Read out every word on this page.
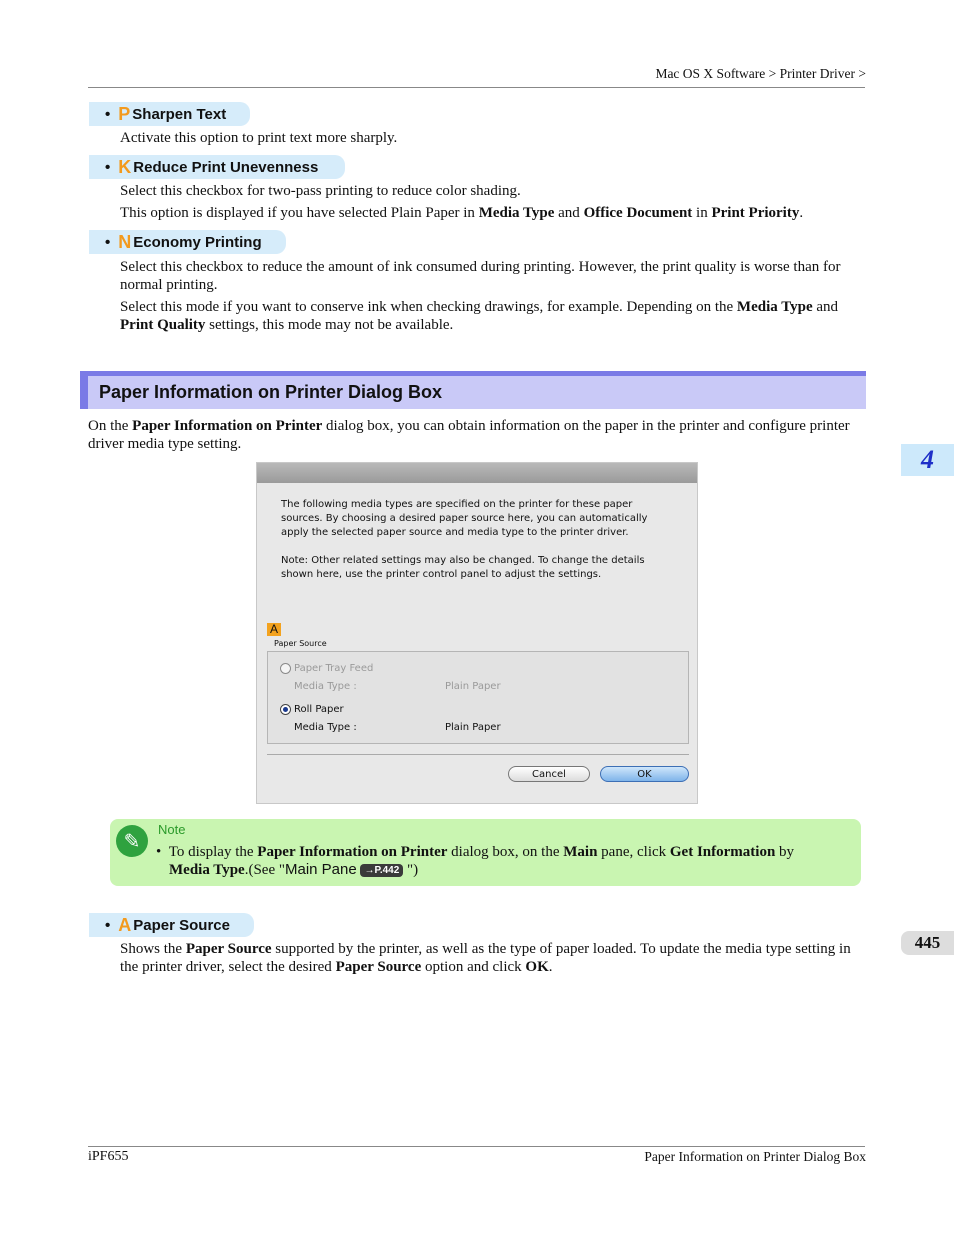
Mac OS X Software > Printer Driver >
• P Sharpen Text
Activate this option to print text more sharply.
• K Reduce Print Unevenness
Select this checkbox for two-pass printing to reduce color shading.
This option is displayed if you have selected Plain Paper in Media Type and Office Document in Print Priority.
• N Economy Printing
Select this checkbox to reduce the amount of ink consumed during printing. However, the print quality is worse than for normal printing.
Select this mode if you want to conserve ink when checking drawings, for example. Depending on the Media Type and Print Quality settings, this mode may not be available.
Paper Information on Printer Dialog Box
On the Paper Information on Printer dialog box, you can obtain information on the paper in the printer and configure printer driver media type setting.
The following media types are specified on the printer for these paper
sources. By choosing a desired paper source here, you can automatically
apply the selected paper source and media type to the printer driver.
Note: Other related settings may also be changed. To change the details
shown here, use the printer control panel to adjust the settings.
A
Paper Source
Paper Tray Feed
Media Type :	Plain Paper
Roll Paper
Media Type :	Plain Paper
Cancel	OK
✎	Note
• To display the Paper Information on Printer dialog box, on the Main pane, click Get Information by
Media Type.(See "Main Pane →P.442 ")
• A Paper Source
Shows the Paper Source supported by the printer, as well as the type of paper loaded. To update the media type setting in the printer driver, select the desired Paper Source option and click OK.
4
445
iPF655	Paper Information on Printer Dialog Box
